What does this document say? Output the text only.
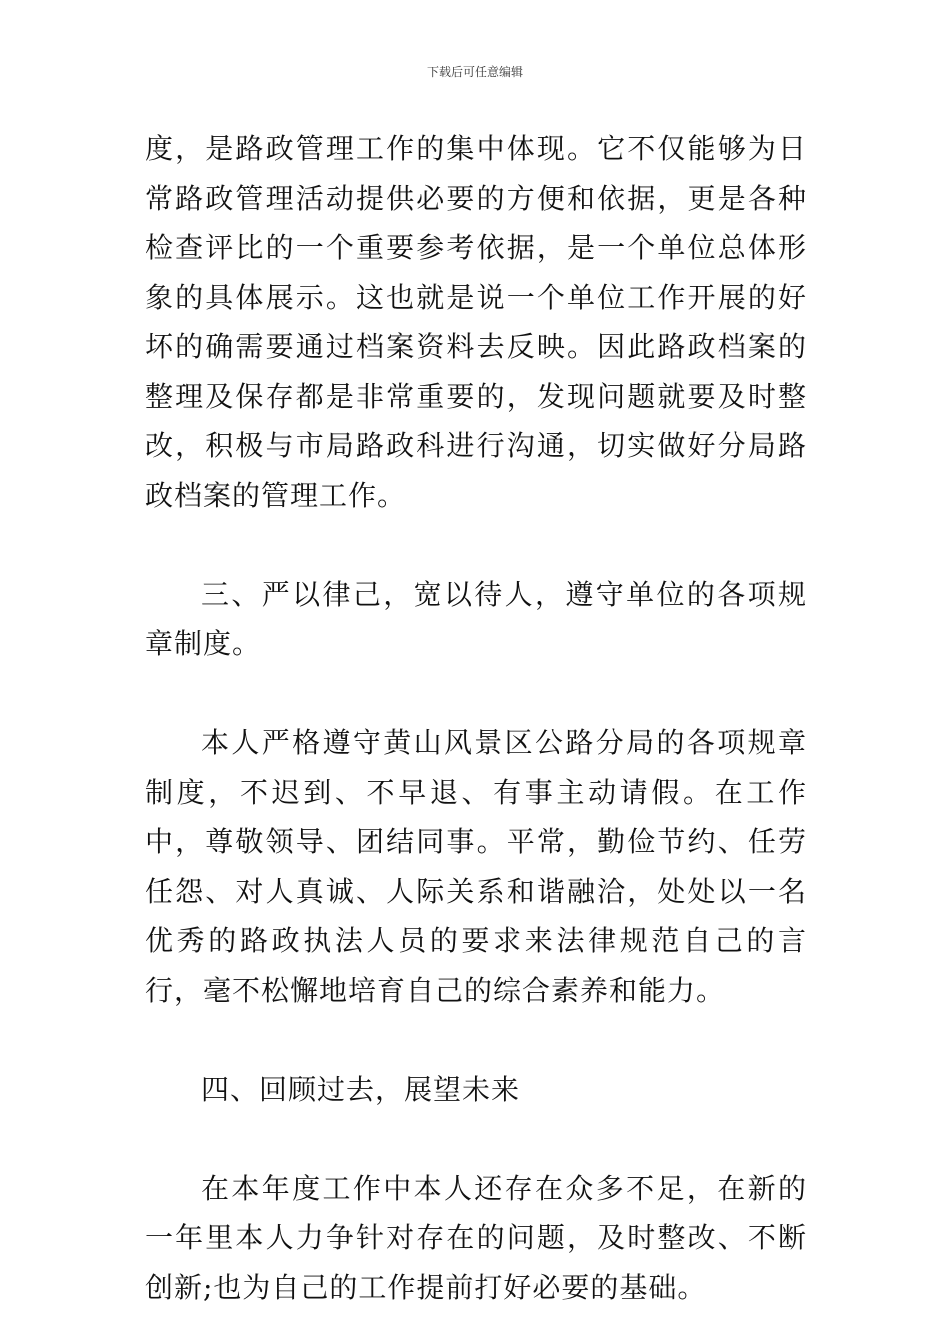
下载后可任意编辑

度，是路政管理工作的集中体现。它不仅能够为日常路政管理活动提供必要的方便和依据，更是各种检查评比的一个重要参考依据，是一个单位总体形象的具体展示。这也就是说一个单位工作开展的好坏的确需要通过档案资料去反映。因此路政档案的整理及保存都是非常重要的，发现问题就要及时整改，积极与市局路政科进行沟通，切实做好分局路政档案的管理工作。

三、严以律己，宽以待人，遵守单位的各项规章制度。

本人严格遵守黄山风景区公路分局的各项规章制度，不迟到、不早退、有事主动请假。在工作中，尊敬领导、团结同事。平常，勤俭节约、任劳任怨、对人真诚、人际关系和谐融洽，处处以一名优秀的路政执法人员的要求来法律规范自己的言行，毫不松懈地培育自己的综合素养和能力。

四、回顾过去，展望未来

在本年度工作中本人还存在众多不足，在新的一年里本人力争针对存在的问题，及时整改、不断创新;也为自己的工作提前打好必要的基础。
